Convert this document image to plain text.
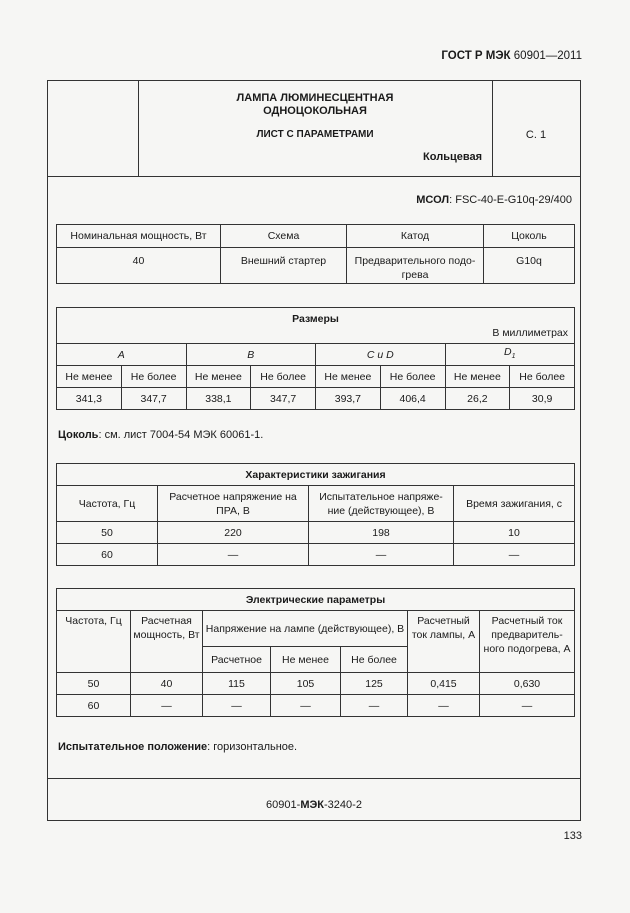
ГОСТ Р МЭК 60901—2011
ЛАМПА ЛЮМИНЕСЦЕНТНАЯ
ОДНОЦОКОЛЬНАЯ
ЛИСТ С ПАРАМЕТРАМИ
Кольцевая
С. 1
МСОЛ: FSC-40-E-G10q-29/400
Номинальная мощность, Вт	Схема	Катод	Цоколь
40	Внешний стартер	Предварительного подо-грева	G10q
Размеры
В миллиметрах							

A		B		C и D		$D_1$
Не менее	Не более	Не менее	Не более	Не менее	Не более	Не менее	Не более
341,3	347,7	338,1	347,7	393,7	406,4	26,2	30,9
Цоколь: см. лист 7004-54 МЭК 60061-1.
Характеристики зажигания			
Частота, Гц	Расчетное напряжение на ПРА, В	Испытательное напряже-ние (действующее), В	Время зажигания, с
50	220	198	10
60	—	—	—
Электрические параметры						
Частота, Гц	Расчетная мощность, Вт	Напряжение на лампе (действующее), В			Расчетный ток лампы, А	Расчетный ток предваритель-ного подогрева, А
		Расчетное	Не менее	Не более		
50	40	115	105	125	0,415	0,630
60	—	—	—	—	—	—
Испытательное положение: горизонтальное.
60901-МЭК-3240-2
133
